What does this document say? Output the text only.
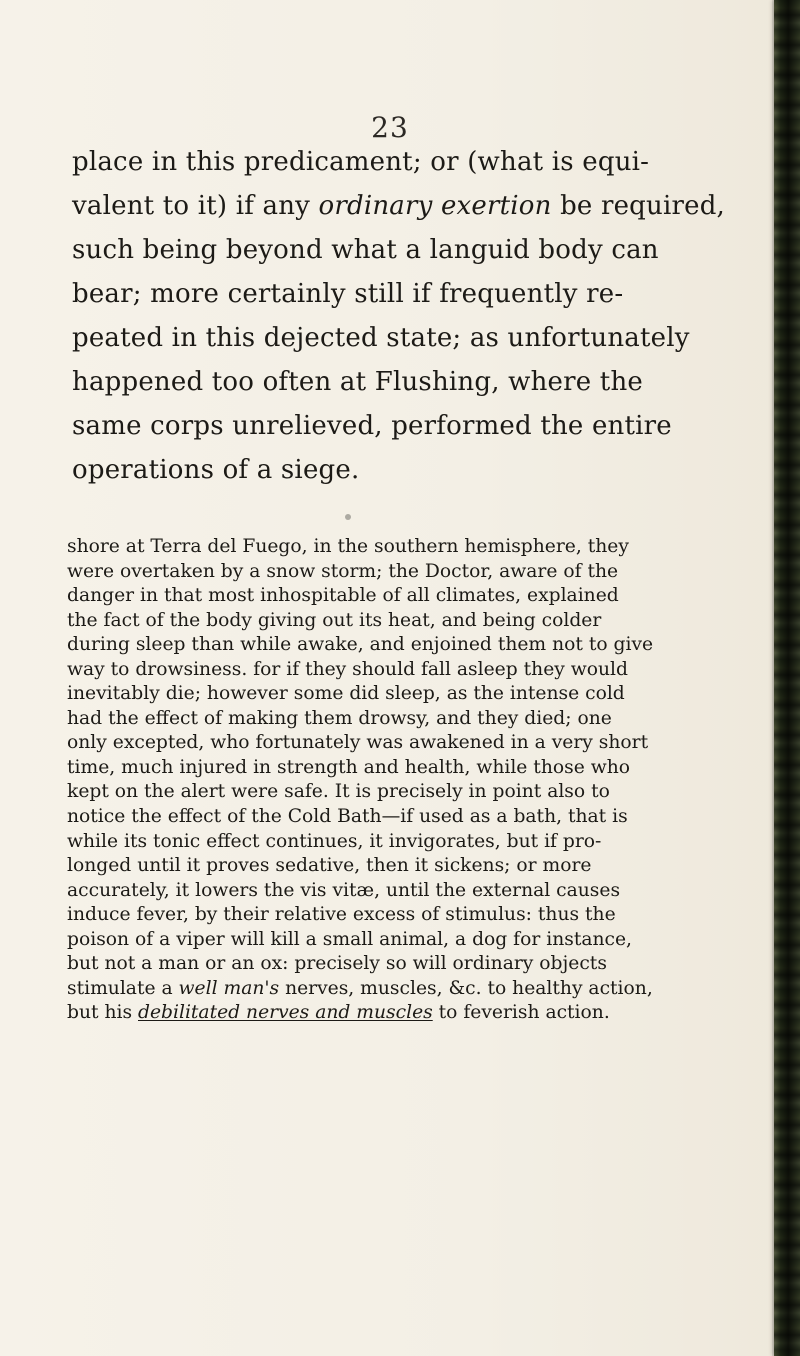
23
place in this predicament; or (what is equi-
valent to it) if any ordinary exertion be required,
such being beyond what a languid body can
bear; more certainly still if frequently re-
peated in this dejected state; as unfortunately
happened too often at Flushing, where the
same corps unrelieved, performed the entire
operations of a siege.
shore at Terra del Fuego, in the southern hemisphere, they
were overtaken by a snow storm; the Doctor, aware of the
danger in that most inhospitable of all climates, explained
the fact of the body giving out its heat, and being colder
during sleep than while awake, and enjoined them not to give
way to drowsiness. for if they should fall asleep they would
inevitably die; however some did sleep, as the intense cold
had the effect of making them drowsy, and they died; one
only excepted, who fortunately was awakened in a very short
time, much injured in strength and health, while those who
kept on the alert were safe. It is precisely in point also to
notice the effect of the Cold Bath—if used as a bath, that is
while its tonic effect continues, it invigorates, but if pro-
longed until it proves sedative, then it sickens; or more
accurately, it lowers the vis vitæ, until the external causes
induce fever, by their relative excess of stimulus: thus the
poison of a viper will kill a small animal, a dog for instance,
but not a man or an ox: precisely so will ordinary objects
stimulate a well man's nerves, muscles, &c. to healthy action,
but his debilitated nerves and muscles to feverish action.
